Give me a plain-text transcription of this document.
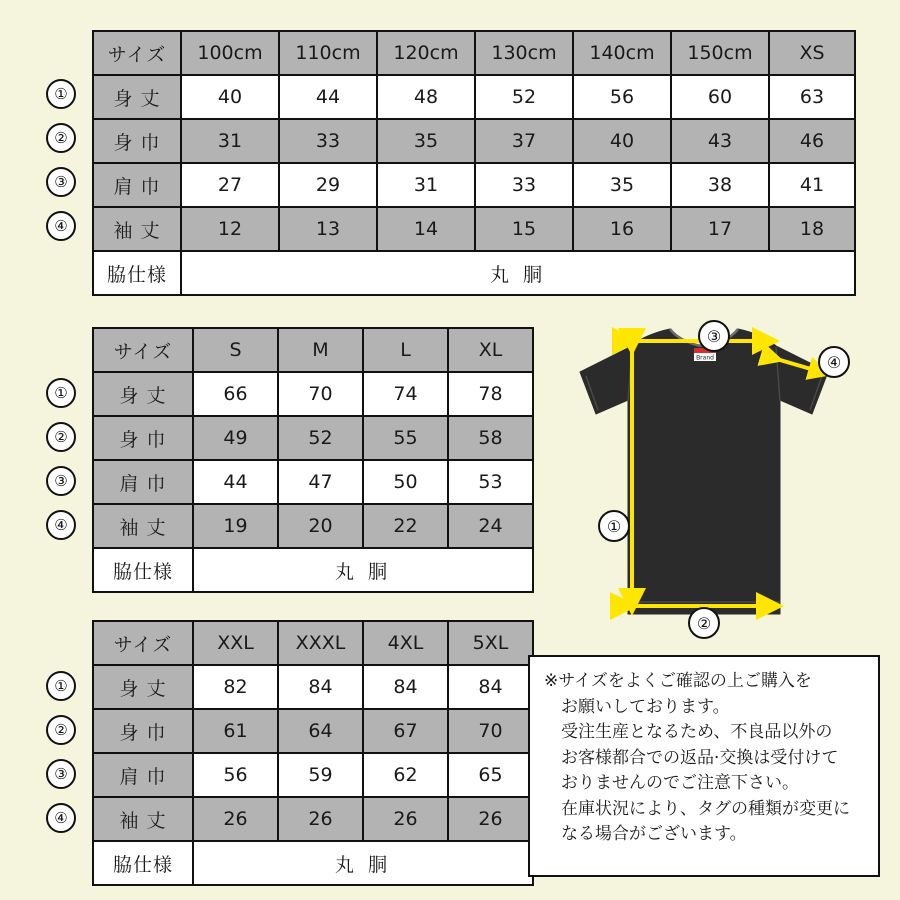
①
②
③
④
サイズ	100cm	110cm	120cm	130cm	140cm	150cm	XS
身 丈	40	44	48	52	56	60	63
身 巾	31	33	35	37	40	43	46
肩 巾	27	29	31	33	35	38	41
袖 丈	12	13	14	15	16	17	18
脇仕様	丸 胴						
①
②
③
④
サイズ	S	M	L	XL
身 丈	66	70	74	78
身 巾	49	52	55	58
肩 巾	44	47	50	53
袖 丈	19	20	22	24
脇仕様	丸 胴			
①
②
③
④
サイズ	XXL	XXXL	4XL	5XL
身 丈	82	84	84	84
身 巾	61	64	67	70
肩 巾	56	59	62	65
袖 丈	26	26	26	26
脇仕様	丸 胴			
Brand
③
④
①
②

※サイズをよくご確認の上ご購入を

お願いしております。

受注生産となるため、不良品以外の

お客様都合での返品·交換は受付けて

おりませんのでご注意下さい。

在庫状況により、タグの種類が変更に

なる場合がございます。
